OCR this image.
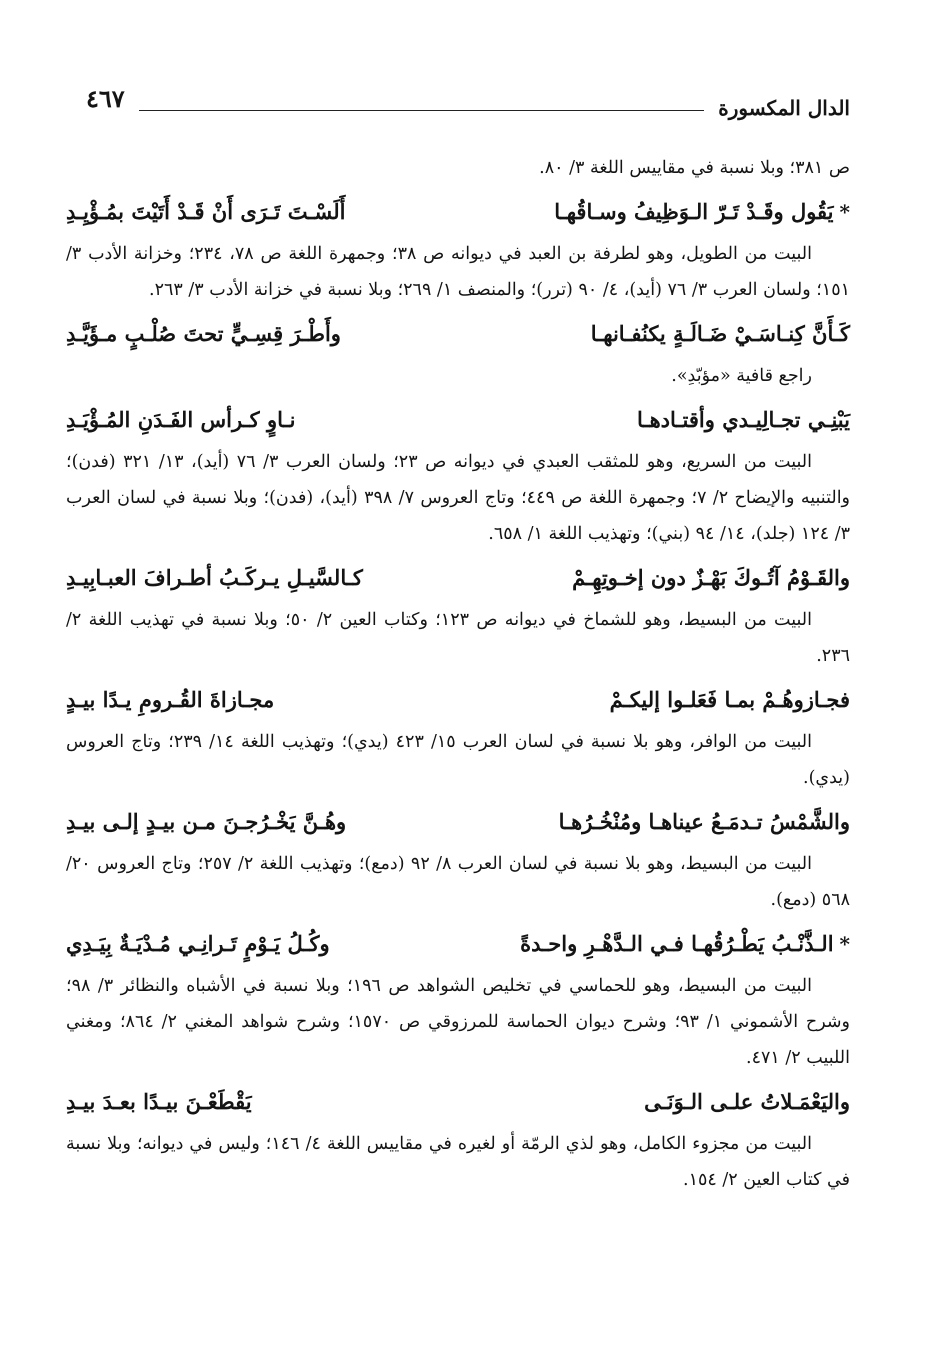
الدال المكسورة
٤٦٧

ص ٣٨١؛ وبلا نسبة في مقاييس اللغة ٣/ ٨٠.

*يَقُول وقَـدْ تَـرّ الـوَظِيفُ وسـاقُهـا
أَلَسْـتَ تَـرَى أَنْ قَـدْ أَتَيْتَ بمُـؤْيِـدِ

البيت من الطويل، وهو لطرفة بن العبد في ديوانه ص ٣٨؛ وجمهرة اللغة ص ٧٨، ٢٣٤؛ وخزانة الأدب ٣/ ١٥١؛ ولسان العرب ٣/ ٧٦ (أيد)، ٤/ ٩٠ (ترر)؛ والمنصف ١/ ٢٦٩؛ وبلا نسبة في خزانة الأدب ٣/ ٢٦٣.

كَـأَنَّ كِنـاسَـيْ ضَـالَـةٍ يكنُفـانهـا
وأَطْـرَ قِسِـيٍّ تحتَ صُلْـبٍ مـؤَيَّـدِ

راجع قافية «مؤبّدِ».

يَبْنِـي تجـالِيـدي وأقتـادهـا
نـاوٍ كـرأس الفَـدَنِ المُـؤْيَـدِ

البيت من السريع، وهو للمثقب العبدي في ديوانه ص ٢٣؛ ولسان العرب ٣/ ٧٦ (أيد)، ١٣/ ٣٢١ (فدن)؛ والتنبيه والإيضاح ٢/ ٧؛ وجمهرة اللغة ص ٤٤٩؛ وتاج العروس ٧/ ٣٩٨ (أيد)، (فدن)؛ وبلا نسبة في لسان العرب ٣/ ١٢٤ (جلد)، ١٤/ ٩٤ (بني)؛ وتهذيب اللغة ١/ ٦٥٨.

والقَـوْمُ آتُـوكَ بَهْـزٌ دون إخـوتِهِـمْ
كـالسَّيـلِ يـركَـبُ أطـرافَ العبـابِيـدِ

البيت من البسيط، وهو للشماخ في ديوانه ص ١٢٣؛ وكتاب العين ٢/ ٥٠؛ وبلا نسبة في تهذيب اللغة ٢/ ٢٣٦.

فجـازوهُـمْ بمـا فَعَلـوا إليكـمْ
مجـازاةَ القُـرومِ يـدًا بيـدٍ

البيت من الوافر، وهو بلا نسبة في لسان العرب ١٥/ ٤٢٣ (يدي)؛ وتهذيب اللغة ١٤/ ٢٣٩؛ وتاج العروس (يدي).

والشَّمْسُ تـدمَـعُ عيناهـا ومُنْخُـرُهـا
وهُـنَّ يَخْـرُجـنَ مـن بيـدٍ إلـى بيـدِ

البيت من البسيط، وهو بلا نسبة في لسان العرب ٨/ ٩٢ (دمع)؛ وتهذيب اللغة ٢/ ٢٥٧؛ وتاج العروس ٢٠/ ٥٦٨ (دمع).

*الـذَّنْـبُ يَطْـرُقُهـا فـي الـدَّهْـرِ واحـدةً
وكُـلُ يَـوْمٍ تَـرانِـي مُـدْيَـةٌ بِيَـدِي

البيت من البسيط، وهو للحماسي في تخليص الشواهد ص ١٩٦؛ وبلا نسبة في الأشباه والنظائر ٣/ ٩٨؛ وشرح الأشموني ١/ ٩٣؛ وشرح ديوان الحماسة للمرزوقي ص ١٥٧٠؛ وشرح شواهد المغني ٢/ ٨٦٤؛ ومغني اللبيب ٢/ ٤٧١.

واليَعْمَـلاتُ علـى الـوَنَـى
يَقْطَعْـنَ بيـدًا بعـدَ بيـدِ

البيت من مجزوء الكامل، وهو لذي الرمّة أو لغيره في مقاييس اللغة ٤/ ١٤٦؛ وليس في ديوانه؛ وبلا نسبة في كتاب العين ٢/ ١٥٤.
